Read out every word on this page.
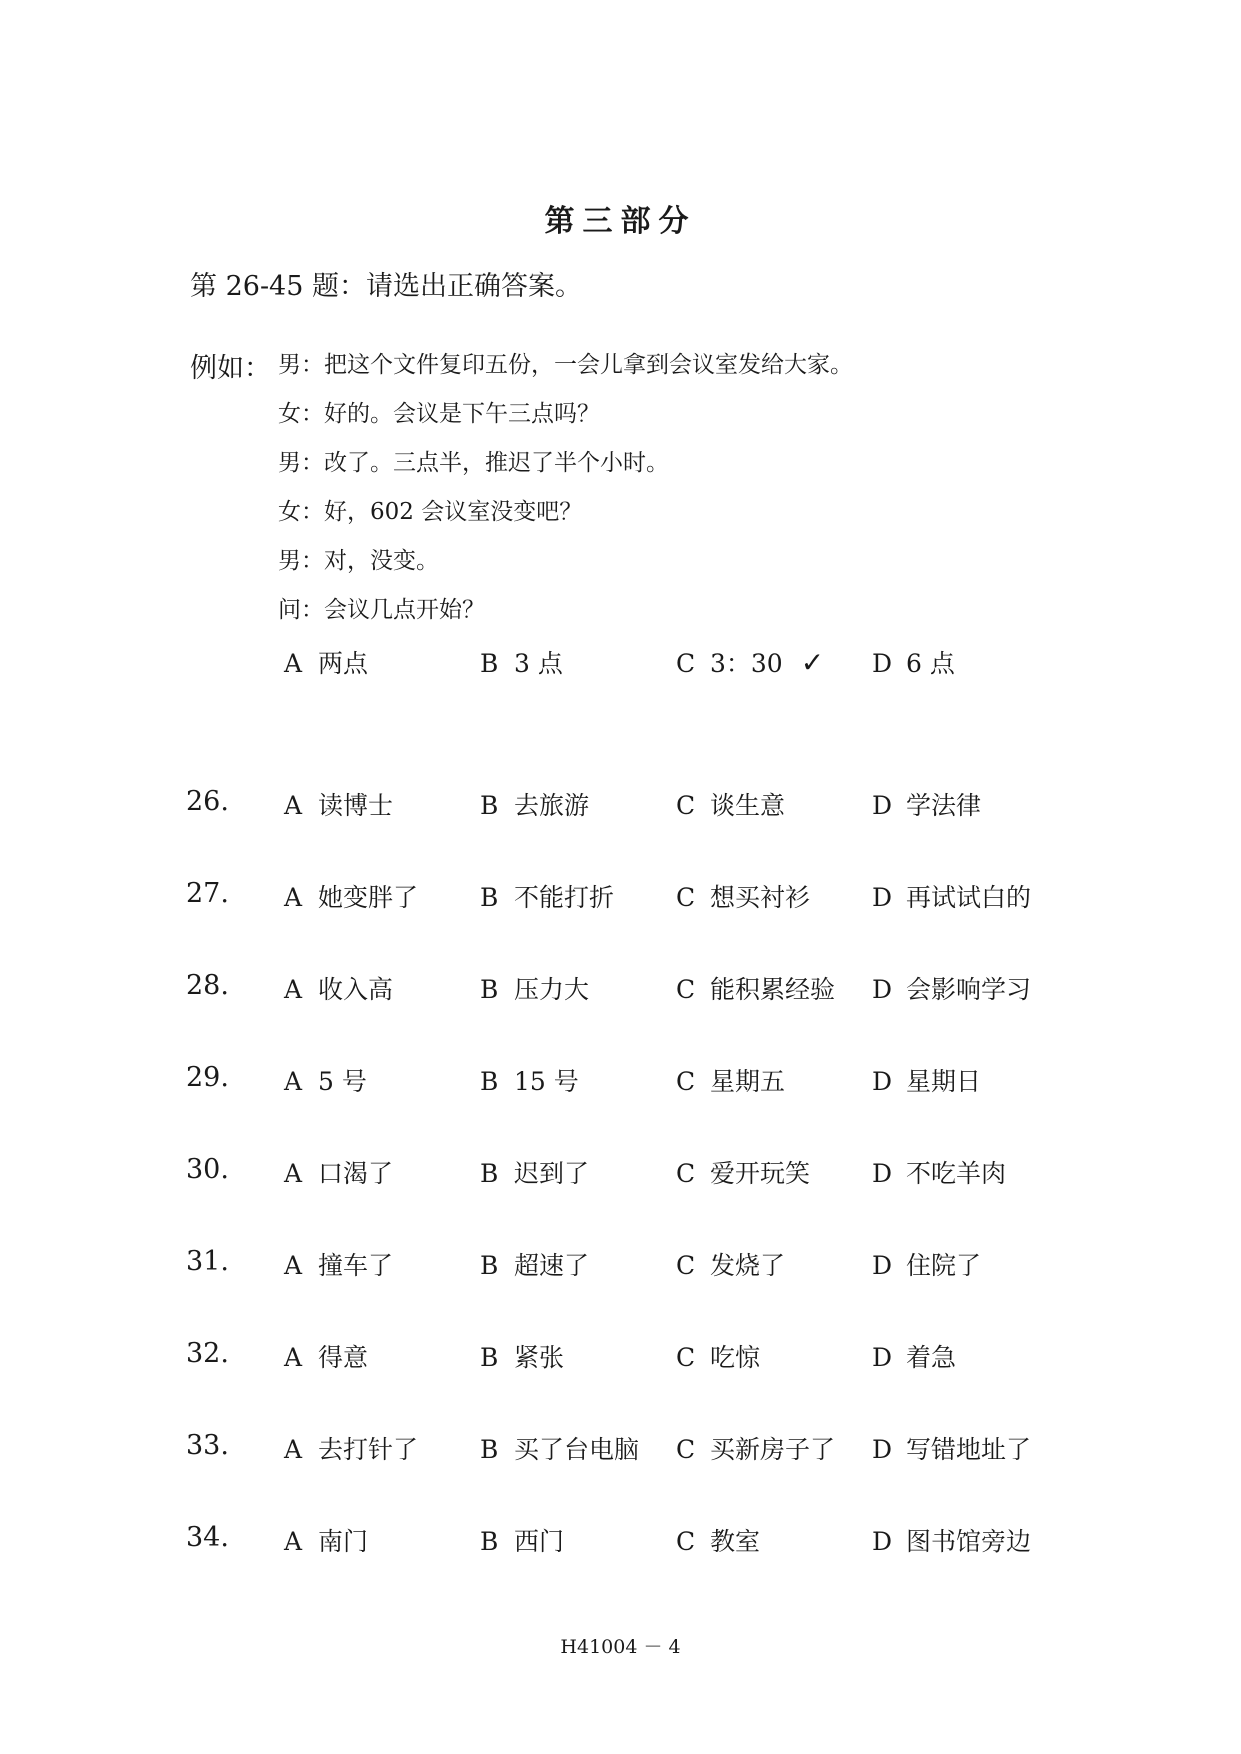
第三部分
第 26-45 题：请选出正确答案。
例如： 男：把这个文件复印五份，一会儿拿到会议室发给大家。
女：好的。会议是下午三点吗？
男：改了。三点半，推迟了半个小时。
女：好，602 会议室没变吧？
男：对，没变。
问：会议几点开始？
A 两点	B 3 点	C 3：30 ✓ D 6 点
26. A 读博士	B 去旅游	C 谈生意	D 学法律
27. A 她变胖了 B 不能打折 C 想买衬衫 D 再试试白的
28. A 收入高	B 压力大	C 能积累经验 D 会影响学习
29. A 5 号	B 15 号	C 星期五	D 星期日
30. A 口渴了	B 迟到了	C 爱开玩笑 D 不吃羊肉
31. A 撞车了	B 超速了	C 发烧了	D 住院了
32. A 得意	B 紧张	C 吃惊	D 着急
33. A 去打针了 B 买了台电脑 C 买新房子了 D 写错地址了
34. A 南门	B 西门	C 教室	D 图书馆旁边
H41004 － 4
